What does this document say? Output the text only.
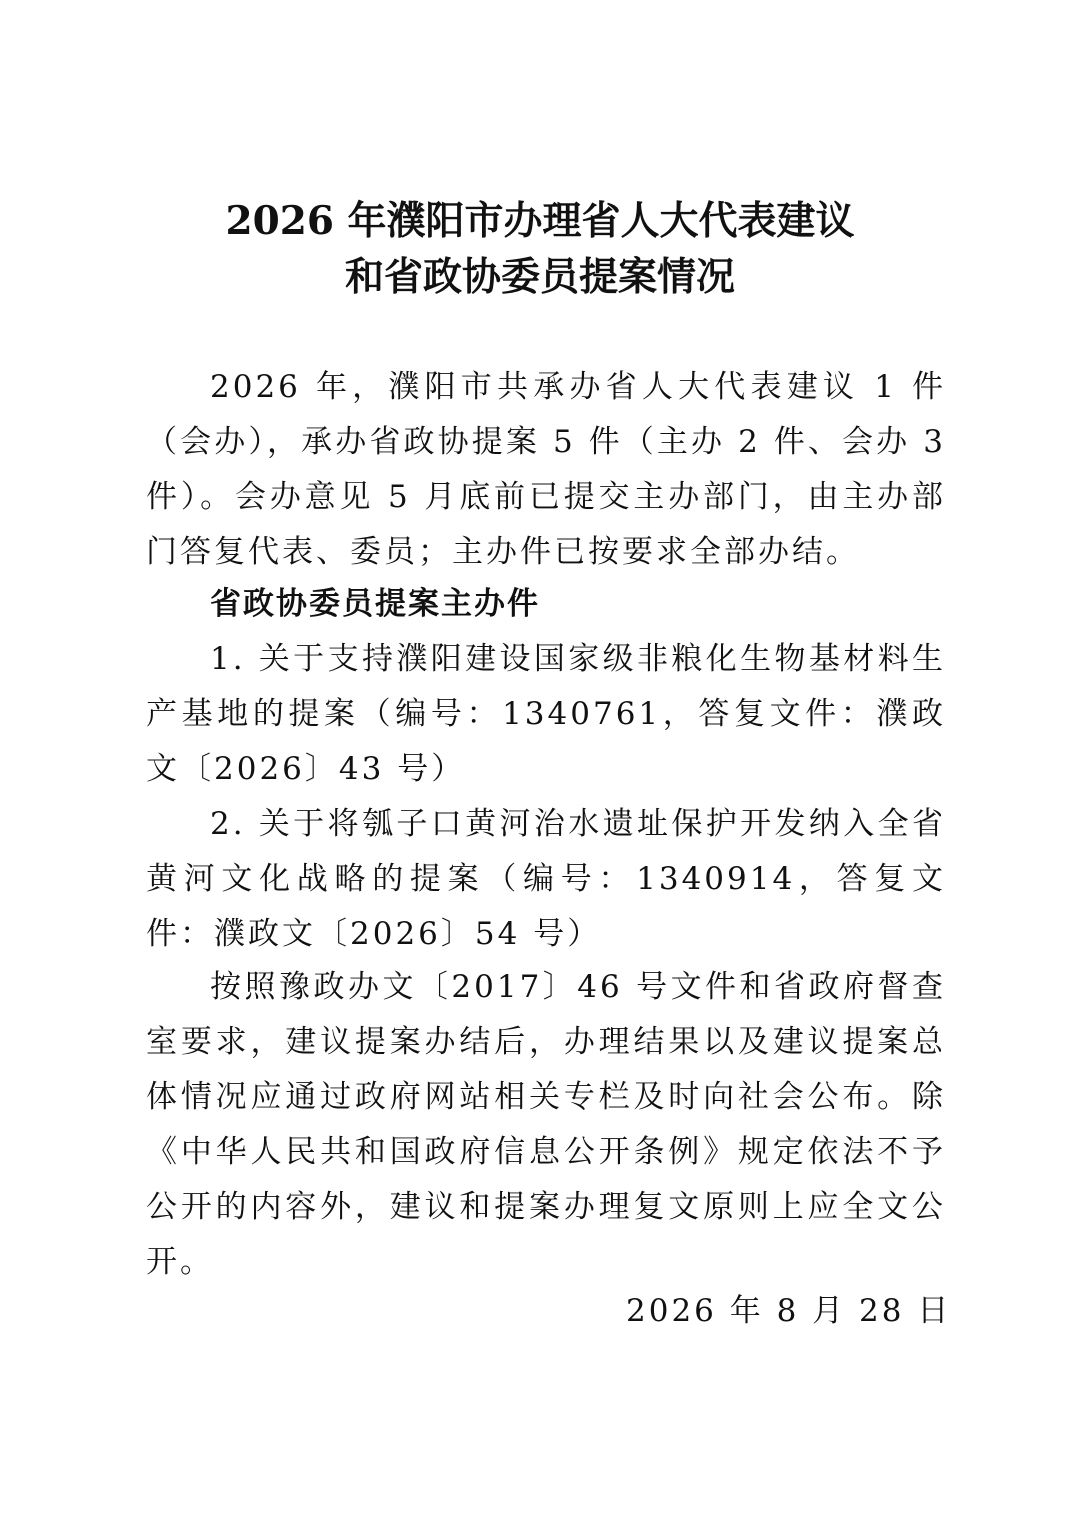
2026 年濮阳市办理省人大代表建议
和省政协委员提案情况

2026 年，濮阳市共承办省人大代表建议 1 件（会办），承办省政协提案 5 件（主办 2 件、会办 3 件）。会办意见 5 月底前已提交主办部门，由主办部门答复代表、委员；主办件已按要求全部办结。

省政协委员提案主办件

1. 关于支持濮阳建设国家级非粮化生物基材料生产基地的提案（编号：1340761，答复文件：濮政文〔2026〕43 号）

2. 关于将瓠子口黄河治水遗址保护开发纳入全省黄河文化战略的提案（编号：1340914，答复文件：濮政文〔2026〕54 号）

按照豫政办文〔2017〕46 号文件和省政府督查室要求，建议提案办结后，办理结果以及建议提案总体情况应通过政府网站相关专栏及时向社会公布。除《中华人民共和国政府信息公开条例》规定依法不予公开的内容外，建议和提案办理复文原则上应全文公开。

2026 年 8 月 28 日
